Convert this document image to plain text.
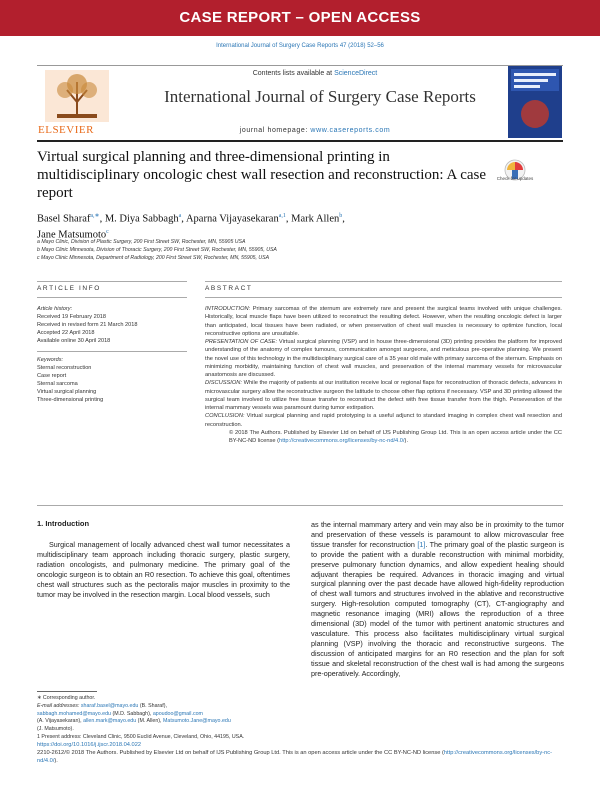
CASE REPORT – OPEN ACCESS
International Journal of Surgery Case Reports 47 (2018) 52–56
ELSEVIER
Contents lists available at ScienceDirect
International Journal of Surgery Case Reports
journal homepage: www.casereports.com
Virtual surgical planning and three-dimensional printing in multidisciplinary oncologic chest wall resection and reconstruction: A case report
Check for updates
Basel Sharaf$^{a,∗}$, M. Diya Sabbagh$^a$, Aparna Vijayasekaran$^{a,1}$, Mark Allen$^b$,
Jane Matsumoto$^c$
a Mayo Clinic, Division of Plastic Surgery, 200 First Street SW, Rochester, MN, 55905 USA
b Mayo Clinic Minnesota, Division of Thoracic Surgery, 200 First Street SW, Rochester, MN, 55905, USA
c Mayo Clinic Minnesota, Department of Radiology, 200 First Street SW, Rochester, MN, 55905, USA
ARTICLE INFO	ABSTRACT
Article history:
Received 19 February 2018
Received in revised form 21 March 2018
Accepted 22 April 2018
Available online 30 April 2018
Keywords:
Sternal reconstruction
Case report
Sternal sarcoma
Virtual surgical planning
Three-dimensional printing

INTRODUCTION: Primary sarcomas of the sternum are extremely rare and present the surgical teams involved with unique challenges. Historically, local muscle flaps have been utilized to reconstruct the resulting defect. However, when the resulting oncologic defect is larger than anticipated, local tissues have been radiated, or when preservation of chest wall muscles is necessary to optimize function, local reconstructive options are unsuitable.

PRESENTATION OF CASE: Virtual surgical planning (VSP) and in house three-dimensional (3D) printing provides the platform for improved understanding of the anatomy of complex tumours, communication amongst surgeons, and meticulous pre-operative planning. We present the novel use of this technology in the multidisciplinary surgical care of a 35 year old male with primary sarcoma of the sternum. Emphasis on minimizing morbidity, maintaining function of chest wall muscles, and preservation of the internal mammary vessels for microvascular anastomosis are discussed.

DISCUSSION: While the majority of patients at our institution receive local or regional flaps for reconstruction of thoracic defects, advances in microvascular surgery allow the reconstructive surgeon the latitude to choose other flap options if necessary. VSP and 3D printing allowed the surgical team involved to utilize free tissue transfer to reconstruct the defect with free tissue transfer from the thigh. Perseveration of the internal mammary vessels was paramount during tumor extirpation.

CONCLUSION: Virtual surgical planning and rapid prototyping is a useful adjunct to standard imaging in complex chest wall resection and reconstruction.

© 2018 The Authors. Published by Elsevier Ltd on behalf of IJS Publishing Group Ltd. This is an open access article under the CC BY-NC-ND license (http://creativecommons.org/licenses/by-nc-nd/4.0/).

1. Introduction

Surgical management of locally advanced chest wall tumor necessitates a multidisciplinary team approach including thoracic surgery, plastic surgery, radiation oncologists, and pulmonary medicine. The primary goal of the oncologic surgeon is to obtain an R0 resection. To achieve this goal, oftentimes chest wall structures such as the pectoralis major muscles in proximity to the tumor may be involved in the resection margin. Local blood vessels, such

as the internal mammary artery and vein may also be in proximity to the tumor and preservation of these vessels is paramount to allow microvascular free tissue transfer for reconstruction [1]. The primary goal of the plastic surgeon is to provide the patient with a durable reconstruction with minimal morbidity, preserve pulmonary function dynamics, and allow expedient healing should adjuvant therapies be required. Advances in thoracic imaging and virtual surgical planning over the past decade have allowed high-fidelity reproduction of chest wall tumors and structures involved in the ablative and reconstructive surgery. High-resolution computed tomography (CT), CT-angiography and magnetic resonance imaging (MRI) allows the reproduction of a three dimensional (3D) model of the tumor with pertinent anatomic structures and vasculature. This process also facilitates multidisciplinary virtual surgical planning (VSP) involving the thoracic and reconstructive surgeons. The discussion of anticipated margins for an R0 resection and the plan for soft tissue and skeletal reconstruction of the chest wall is had among the surgeons pre-operatively. Accordingly,

∗ Corresponding author.
E-mail addresses: sharaf.basel@mayo.edu (B. Sharaf),
sabbagh.mohamed@mayo.edu (M.D. Sabbagh), apoudoo@gmail.com
(A. Vijayasekaran), allen.mark@mayo.edu (M. Allen), Matsumoto.Jane@mayo.edu
(J. Matsumoto).
1 Present address: Cleveland Clinic, 9500 Euclid Avenue, Cleveland, Ohio, 44195, USA.
https://doi.org/10.1016/j.ijscr.2018.04.022
2210-2612/© 2018 The Authors. Published by Elsevier Ltd on behalf of IJS Publishing Group Ltd. This is an open access article under the CC BY-NC-ND license (http://creativecommons.org/licenses/by-nc-nd/4.0/).
